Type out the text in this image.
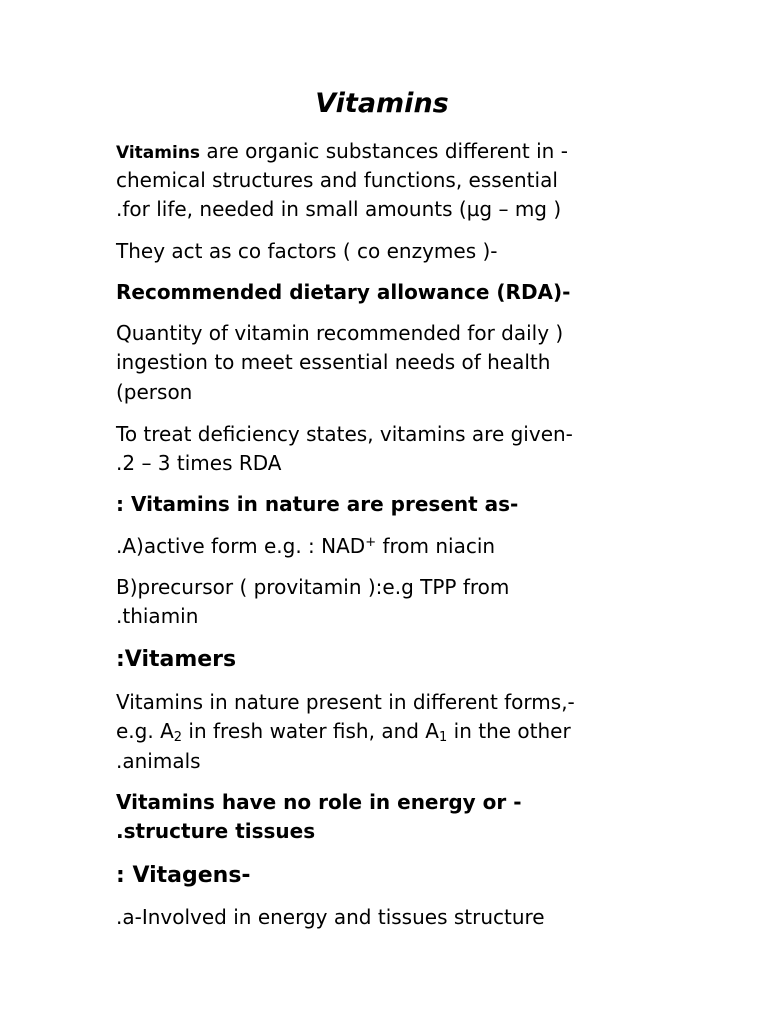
Vitamins
Vitamins are organic substances different in -
chemical structures and functions, essential
.for life, needed in small amounts (µg – mg )
They act as co factors ( co enzymes )-
Recommended dietary allowance (RDA)-
Quantity of vitamin recommended for daily )
ingestion to meet essential needs of health
(person
To treat deficiency states, vitamins are given-
.2 – 3 times RDA
: Vitamins in nature are present as-
.A)active form e.g. : NAD+ from niacin
B)precursor ( provitamin ):e.g TPP from
.thiamin
:Vitamers
Vitamins in nature present in different forms,-
e.g. $A_2$ in fresh water fish, and $A_1$ in the other
.animals
Vitamins have no role in energy or -
.structure tissues
: Vitagens-
.a-Involved in energy and tissues structure
